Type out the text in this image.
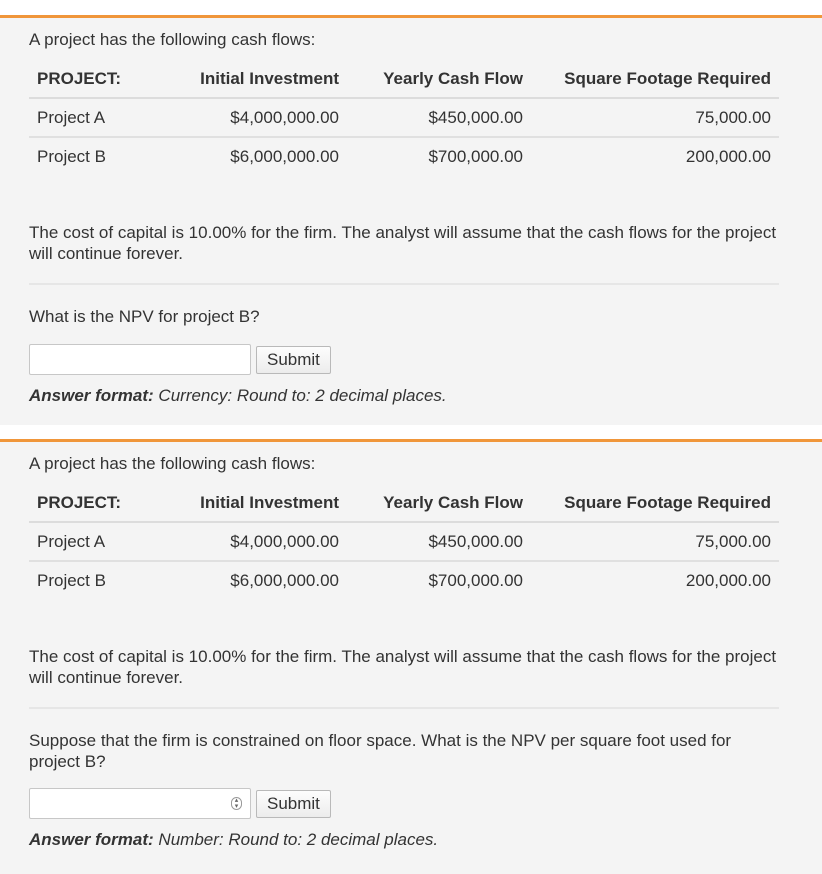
A project has the following cash flows:
PROJECT:	Initial Investment	Yearly Cash Flow	Square Footage Required
Project A	$4,000,000.00	$450,000.00	75,000.00
Project B	$6,000,000.00	$700,000.00	200,000.00
The cost of capital is 10.00% for the firm. The analyst will assume that the cash flows for the project will continue forever.
What is the NPV for project B?
Submit
Answer format: Currency: Round to: 2 decimal places.
A project has the following cash flows:
PROJECT:	Initial Investment	Yearly Cash Flow	Square Footage Required
Project A	$4,000,000.00	$450,000.00	75,000.00
Project B	$6,000,000.00	$700,000.00	200,000.00
The cost of capital is 10.00% for the firm. The analyst will assume that the cash flows for the project will continue forever.
Suppose that the firm is constrained on floor space. What is the NPV per square foot used for project B?
▴
▾	Submit
Answer format: Number: Round to: 2 decimal places.
